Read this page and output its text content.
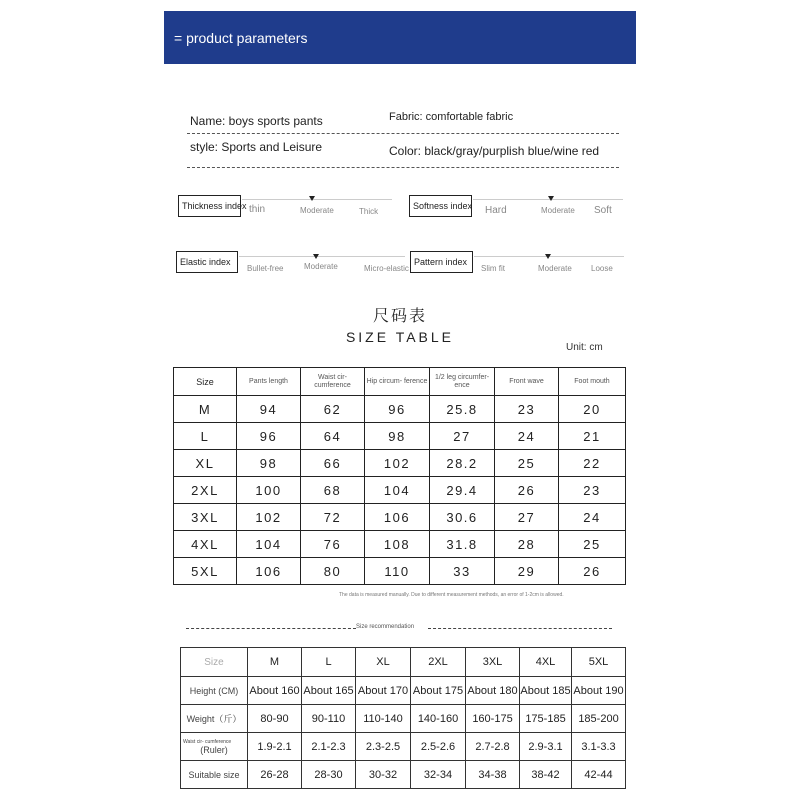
= product parameters
Name: boys sports pants	Fabric: comfortable fabric
style: Sports and Leisure	Color: black/gray/purplish blue/wine red
Thickness index thin	Moderate	Thick
Softness index Hard	Moderate Soft
Elastic index
Bullet-free	Moderate	Micro-elastic
Pattern index
Slim fit	Moderate Loose
尺码表
SIZE TABLE
Unit: cm
Size	Pants length	Waist cir- cumference	Hip circum- ference	1/2 leg circumfer- ence	Front wave	Foot mouth
M	94	62	96	25.8	23	20
L	96	64	98	27	24	21
XL	98	66	102	28.2	25	22
2XL	100	68	104	29.4	26	23
3XL	102	72	106	30.6	27	24
4XL	104	76	108	31.8	28	25
5XL	106	80	110	33	29	26
The data is measured manually. Due to different measurement methods, an error of 1-2cm is allowed.
Size recommendation
Size	M	L	XL	2XL	3XL	4XL	5XL
Height (CM)	About 160	About 165	About 170	About 175	About 180	About 185	About 190
Weight（斤）	80-90	90-110	110-140	140-160	160-175	175-185	185-200

Waist cir- cumference
(Ruler)	1.9-2.1	2.1-2.3	2.3-2.5	2.5-2.6	2.7-2.8	2.9-3.1	3.1-3.3
Suitable size	26-28	28-30	30-32	32-34	34-38	38-42	42-44
